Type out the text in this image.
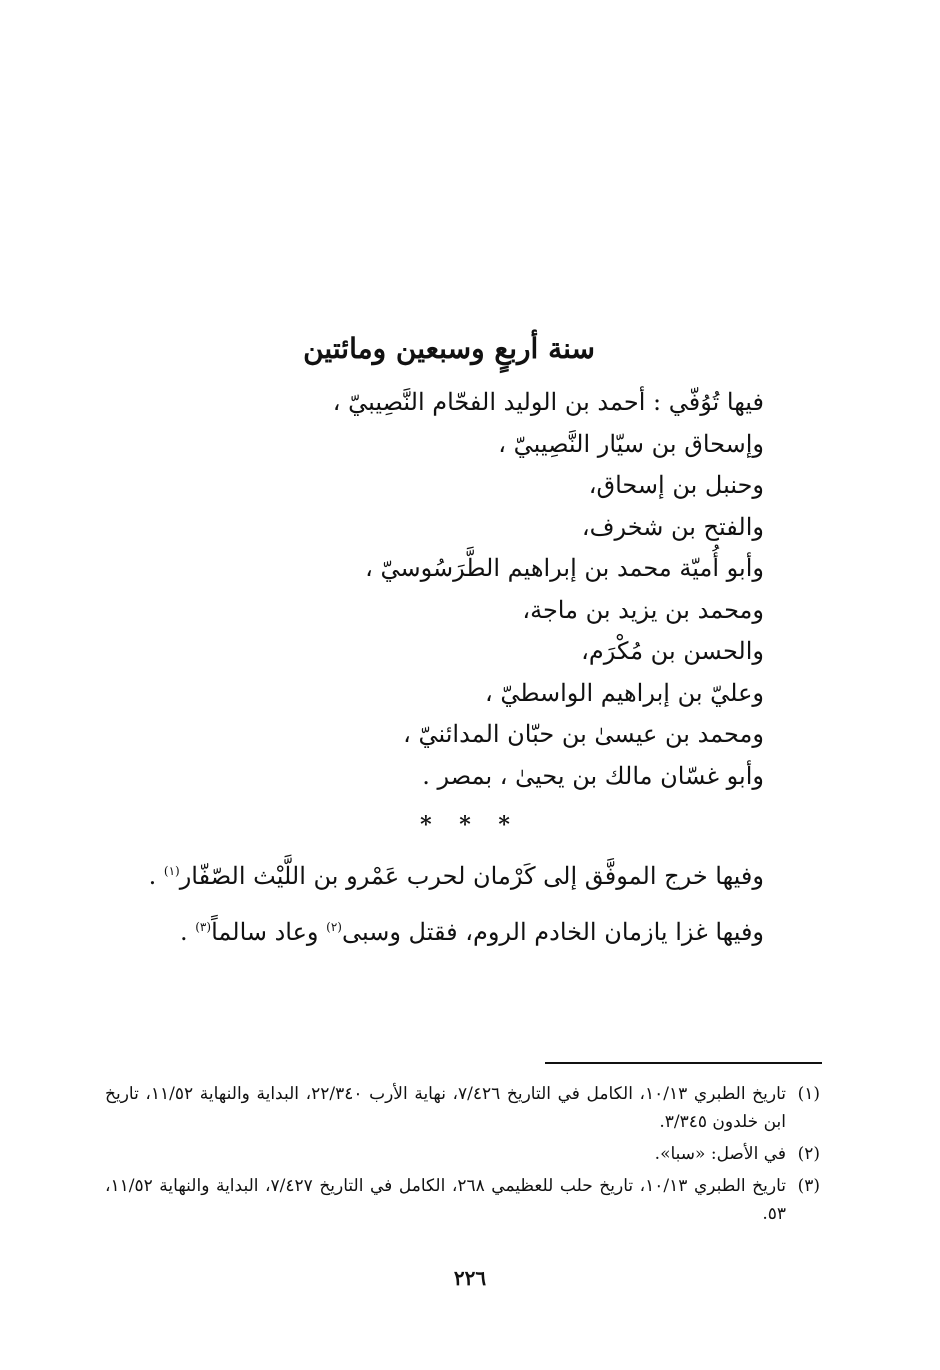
سنة أربعٍ وسبعين ومائتين
فيها تُوُفّي : أحمد بن الوليد الفحّام النَّصِيبيّ ،
وإسحاق بن سيّار النَّصِيبيّ ،
وحنبل بن إسحاق،
والفتح بن شخرف،
وأبو أُميّة محمد بن إبراهيم الطَّرَسُوسيّ ،
ومحمد بن يزيد بن ماجة،
والحسن بن مُكْرَم،
وعليّ بن إبراهيم الواسطيّ ،
ومحمد بن عيسىٰ بن حبّان المدائنيّ ،
وأبو غسّان مالك بن يحيىٰ ، بمصر .
* * *
وفيها خرج الموفَّق إلى كَرْمان لحرب عَمْرو بن اللَّيْث الصّفّار$^{(١)}$ .
وفيها غزا يازمان الخادم الروم، فقتل وسبى$^{(٢)}$ وعاد سالماً$^{(٣)}$ .
(١)
تاريخ الطبري ١٠/١٣، الكامل في التاريخ ٧/٤٢٦، نهاية الأرب ٢٢/٣٤٠، البداية والنهاية ١١/٥٢، تاريخ ابن خلدون ٣/٣٤٥.
(٢)
في الأصل: «سبا».
(٣)
تاريخ الطبري ١٠/١٣، تاريخ حلب للعظيمي ٢٦٨، الكامل في التاريخ ٧/٤٢٧، البداية والنهاية ١١/٥٢، ٥٣.
٢٢٦
